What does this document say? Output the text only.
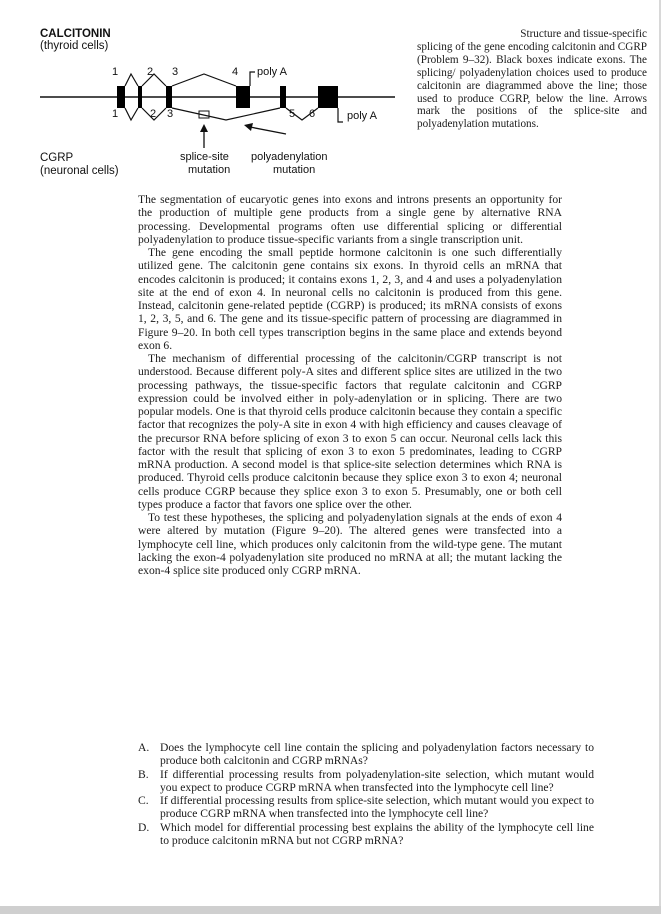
CALCITONIN
(thyroid cells)
CGRP
(neuronal cells)
1	2 3	4 poly A
1	2 3	5 6	poly A
splice-site
mutation
polyadenylation
mutation

Structure and tissue-specific

splicing of the gene encoding calcitonin and CGRP (Problem 9–32). Black boxes indicate exons. The splicing/ polyadenylation choices used to produce calcitonin are diagrammed above the line; those used to produce CGRP, below the line. Arrows mark the positions of the splice-site and polyadenylation mutations.

The segmentation of eucaryotic genes into exons and introns presents an opportunity for the production of multiple gene products from a single gene by alternative RNA processing. Developmental programs often use differential splicing or differential polyadenylation to produce tissue-specific variants from a single transcription unit.

The gene encoding the small peptide hormone calcitonin is one such differentially utilized gene. The calcitonin gene contains six exons. In thyroid cells an mRNA that encodes calcitonin is produced; it contains exons 1, 2, 3, and 4 and uses a polyadenylation site at the end of exon 4. In neuronal cells no calcitonin is produced from this gene. Instead, calcitonin gene-related peptide (CGRP) is produced; its mRNA consists of exons 1, 2, 3, 5, and 6. The gene and its tissue-specific pattern of processing are diagrammed in Figure 9–20. In both cell types transcription begins in the same place and extends beyond exon 6.

The mechanism of differential processing of the calcitonin/CGRP transcript is not understood. Because different poly-A sites and different splice sites are utilized in the two processing pathways, the tissue-specific factors that regulate calcitonin and CGRP expression could be involved either in poly-adenylation or in splicing. There are two popular models. One is that thyroid cells produce calcitonin because they contain a specific factor that recognizes the poly-A site in exon 4 with high efficiency and causes cleavage of the precursor RNA before splicing of exon 3 to exon 5 can occur. Neuronal cells lack this factor with the result that splicing of exon 3 to exon 5 predominates, leading to CGRP mRNA production. A second model is that splice-site selection determines which RNA is produced. Thyroid cells produce calcitonin because they splice exon 3 to exon 4; neuronal cells produce CGRP because they splice exon 3 to exon 5. Presumably, one or both cell types produce a factor that favors one splice over the other.

To test these hypotheses, the splicing and polyadenylation signals at the ends of exon 4 were altered by mutation (Figure 9–20). The altered genes were transfected into a lymphocyte cell line, which produces only calcitonin from the wild-type gene. The mutant lacking the exon-4 polyadenylation site produced no mRNA at all; the mutant lacking the exon-4 splice site produced only CGRP mRNA.

A. Does the lymphocyte cell line contain the splicing and polyadenylation factors necessary to produce both calcitonin and CGRP mRNAs?
B. If differential processing results from polyadenylation-site selection, which mutant would you expect to produce CGRP mRNA when transfected into the lymphocyte cell line?
C. If differential processing results from splice-site selection, which mutant would you expect to produce CGRP mRNA when transfected into the lymphocyte cell line?
D. Which model for differential processing best explains the ability of the lymphocyte cell line to produce calcitonin mRNA but not CGRP mRNA?
